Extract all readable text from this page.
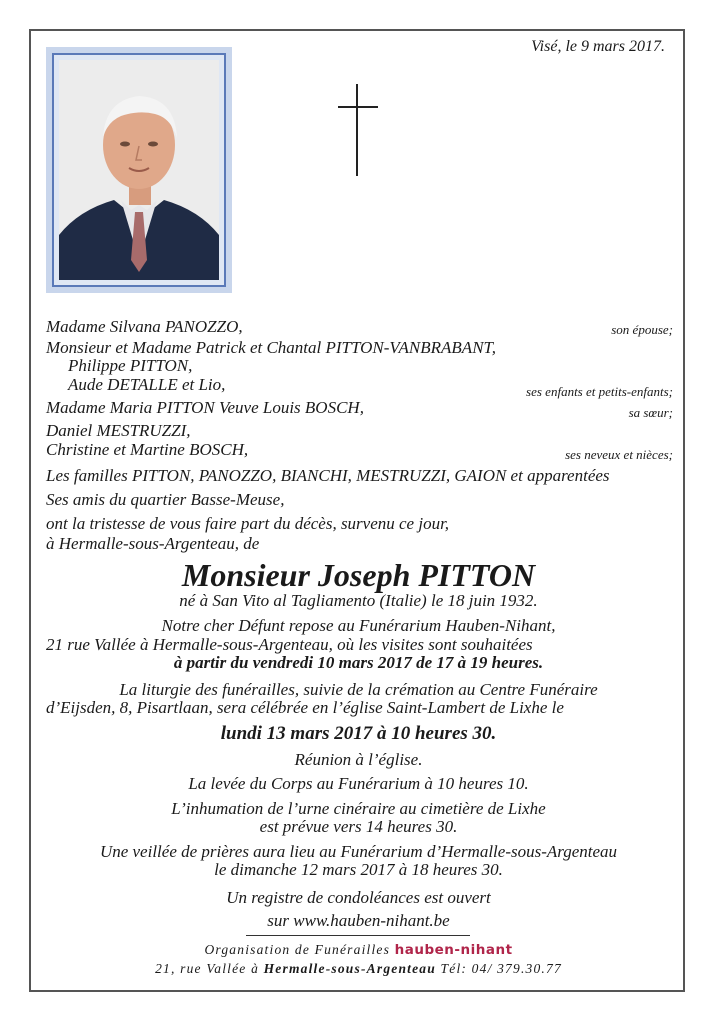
Visé, le 9 mars 2017.
Madame Silvana PANOZZO,	son épouse;
Monsieur et Madame Patrick et Chantal PITTON-VANBRABANT,
Philippe PITTON,
Aude DETALLE et Lio,	ses enfants et petits-enfants;
Madame Maria PITTON Veuve Louis BOSCH,	sa sœur;
Daniel MESTRUZZI,
Christine et Martine BOSCH,	ses neveux et nièces;
Les familles PITTON, PANOZZO, BIANCHI, MESTRUZZI, GAION et apparentées
Ses amis du quartier Basse-Meuse,
ont la tristesse de vous faire part du décès, survenu ce jour,
à Hermalle-sous-Argenteau, de
Monsieur Joseph PITTON
né à San Vito al Tagliamento (Italie) le 18 juin 1932.
Notre cher Défunt repose au Funérarium Hauben-Nihant,
21 rue Vallée à Hermalle-sous-Argenteau, où les visites sont souhaitées
à partir du vendredi 10 mars 2017 de 17 à 19 heures.
La liturgie des funérailles, suivie de la crémation au Centre Funéraire
d’Eijsden, 8, Pisartlaan, sera célébrée en l’église Saint-Lambert de Lixhe le
lundi 13 mars 2017 à 10 heures 30.
Réunion à l’église.
La levée du Corps au Funérarium à 10 heures 10.
L’inhumation de l’urne cinéraire au cimetière de Lixhe
est prévue vers 14 heures 30.
Une veillée de prières aura lieu au Funérarium d’Hermalle-sous-Argenteau
le dimanche 12 mars 2017 à 18 heures 30.
Un registre de condoléances est ouvert
sur www.hauben-nihant.be
Organisation de Funérailles hauben-nihant
21, rue Vallée à Hermalle-sous-Argenteau Tél: 04/ 379.30.77
